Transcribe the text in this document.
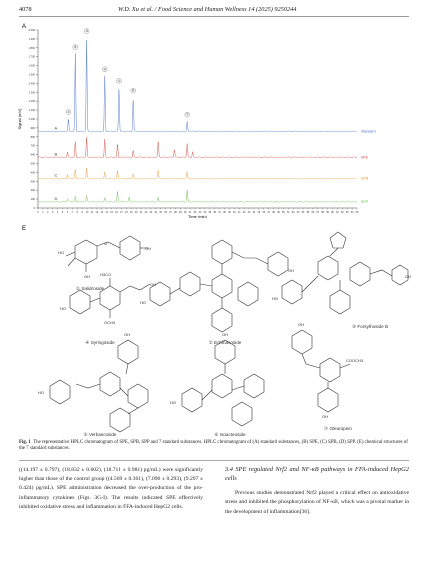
4078	W.D. Xu et al. / Food Science and Human Wellness 14 (2025) 9250244
A
0
100
200
300
400
500
600
700
800
900
1 000
1 100
1 200
1 300
1 400
1 500
1 600
1 700
1 800
1 900
2 000
0 1 2 3 4 5 6 7 8 9 10 11 12 13 14 15 16 17 18 19 20 21 22 23 24 25 26 27 28 29 30 31 32 33 34 35 36 37 38 39 40 41 42 43 44 45 46 47 48 49 50 51 52 53 54 55 56 57 58 59 60 61 62 63 64 65
Signal (mV)
Time (min)
A
Standard
B
SPE
C
SPB
D
SPP
①
②
③
④
⑤
⑥
⑦
E
HO
OH
OH
O
OH
HO
OH
HO
HO
OH
OCH3
H3CO
OH
HO
OH
HO
OH
COOCH3
OH
① Salidroside
② Echinacoside
③ Forsythoside B
④ Syringoside
⑤ Verbascoside	⑥ Isoacteoside
⑦ Oleuropein
Fig. 1 The representative HPLC chromatogram of SPE, SPB, SPP and 7 standard substances. HPLC chromatogram of (A) standard substances, (B) SPE, (C) SPB, (D) SPP. (E) chemical structures of the 7 standard substances.
((14.197 ± 0.797), (18.832 ± 0.602), (18.711 ± 0.981) pg/mL) were significantly higher than those of the control group ((4.569 ± 0.361), (7.096 ± 0.293), (9.297 ± 0.424) pg/mL). SPE administration decreased the over-production of the pro-inflammatory cytokines (Figs. 3G-I). The results indicated SPE effectively inhibited oxidative stress and inflammation in FFA-induced HepG2 cells.
3.4 SPE regulated Nrf2 and NF-κB pathways in FFA-induced HepG2 cells
Previous studies demonstrated Nrf2 played a critical effect on antioxidative stress and inhibited the phosphorylation of NF-κB, which was a pivotal marker in the development of inflammation[36].
